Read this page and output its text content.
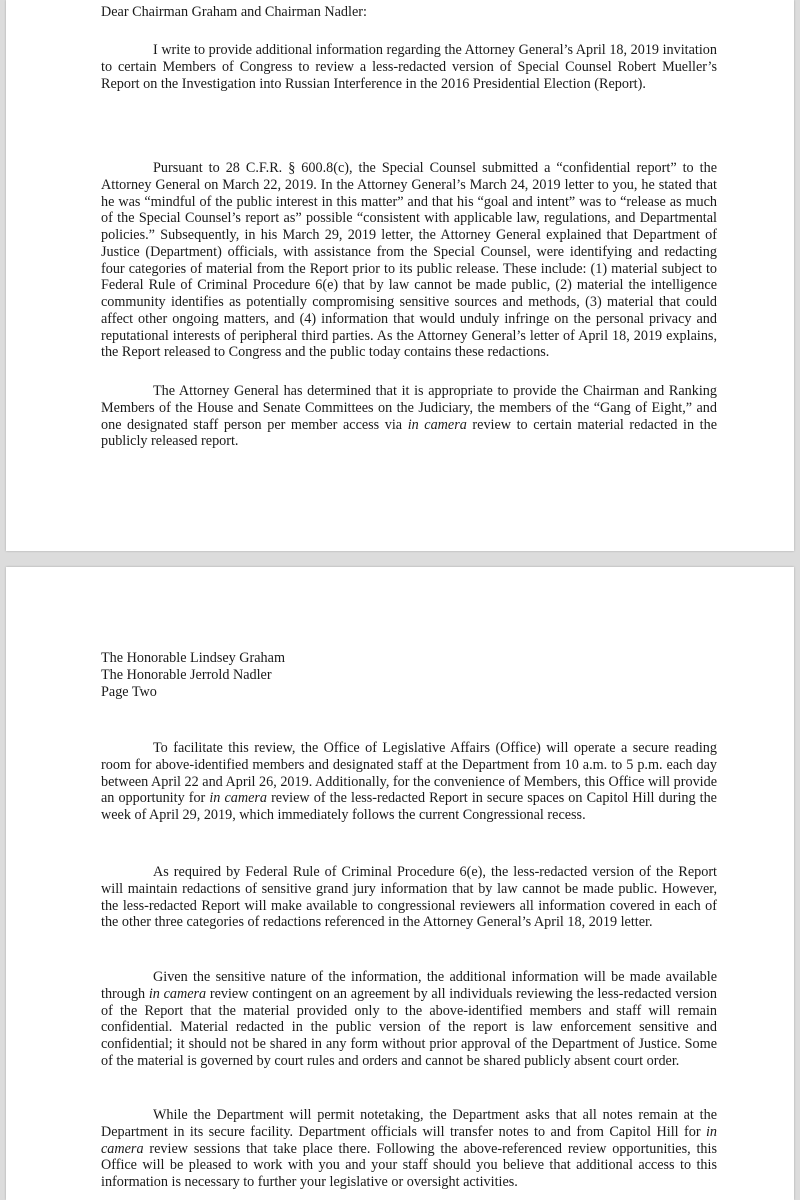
Dear Chairman Graham and Chairman Nadler:

I write to provide additional information regarding the Attorney General’s April 18, 2019 invitation to certain Members of Congress to review a less-redacted version of Special Counsel Robert Mueller’s Report on the Investigation into Russian Interference in the 2016 Presidential Election (Report).

Pursuant to 28 C.F.R. § 600.8(c), the Special Counsel submitted a “confidential report” to the Attorney General on March 22, 2019. In the Attorney General’s March 24, 2019 letter to you, he stated that he was “mindful of the public interest in this matter” and that his “goal and intent” was to “release as much of the Special Counsel’s report as” possible “consistent with applicable law, regulations, and Departmental policies.” Subsequently, in his March 29, 2019 letter, the Attorney General explained that Department of Justice (Department) officials, with assistance from the Special Counsel, were identifying and redacting four categories of material from the Report prior to its public release. These include: (1) material subject to Federal Rule of Criminal Procedure 6(e) that by law cannot be made public, (2) material the intelligence community identifies as potentially compromising sensitive sources and methods, (3) material that could affect other ongoing matters, and (4) information that would unduly infringe on the personal privacy and reputational interests of peripheral third parties. As the Attorney General’s letter of April 18, 2019 explains, the Report released to Congress and the public today contains these redactions.

The Attorney General has determined that it is appropriate to provide the Chairman and Ranking Members of the House and Senate Committees on the Judiciary, the members of the “Gang of Eight,” and one designated staff person per member access via in camera review to certain material redacted in the publicly released report.

The Honorable Lindsey Graham
The Honorable Jerrold Nadler
Page Two

To facilitate this review, the Office of Legislative Affairs (Office) will operate a secure reading room for above-identified members and designated staff at the Department from 10 a.m. to 5 p.m. each day between April 22 and April 26, 2019. Additionally, for the convenience of Members, this Office will provide an opportunity for in camera review of the less-redacted Report in secure spaces on Capitol Hill during the week of April 29, 2019, which immediately follows the current Congressional recess.

As required by Federal Rule of Criminal Procedure 6(e), the less-redacted version of the Report will maintain redactions of sensitive grand jury information that by law cannot be made public. However, the less-redacted Report will make available to congressional reviewers all information covered in each of the other three categories of redactions referenced in the Attorney General’s April 18, 2019 letter.

Given the sensitive nature of the information, the additional information will be made available through in camera review contingent on an agreement by all individuals reviewing the less-redacted version of the Report that the material provided only to the above-identified members and staff will remain confidential. Material redacted in the public version of the report is law enforcement sensitive and confidential; it should not be shared in any form without prior approval of the Department of Justice. Some of the material is governed by court rules and orders and cannot be shared publicly absent court order.

While the Department will permit notetaking, the Department asks that all notes remain at the Department in its secure facility. Department officials will transfer notes to and from Capitol Hill for in camera review sessions that take place there. Following the above-referenced review opportunities, this Office will be pleased to work with you and your staff should you believe that additional access to this information is necessary to further your legislative or oversight activities.
